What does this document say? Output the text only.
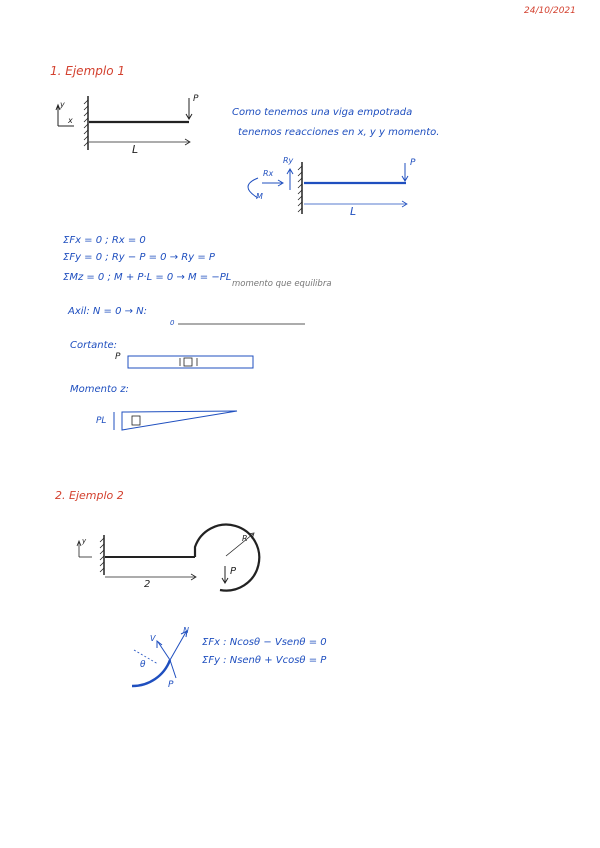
24/10/2021
1. Ejemplo 1
y
x
P
L
Como tenemos una viga empotrada
tenemos reacciones en x, y y momento.
Ry
Rx
M
P
L
ΣFx = 0 ; Rx = 0
ΣFy = 0 ; Ry − P = 0 → Ry = P
ΣMz = 0 ; M + P·L = 0 → M = −PL
momento que equilibra
Axil: N = 0 → N:
0
Cortante:
P
Momento z:
PL
2. Ejemplo 2
y	R
P
2
N
V
θ
P
ΣFx : Ncosθ − Vsenθ = 0
ΣFy : Nsenθ + Vcosθ = P
